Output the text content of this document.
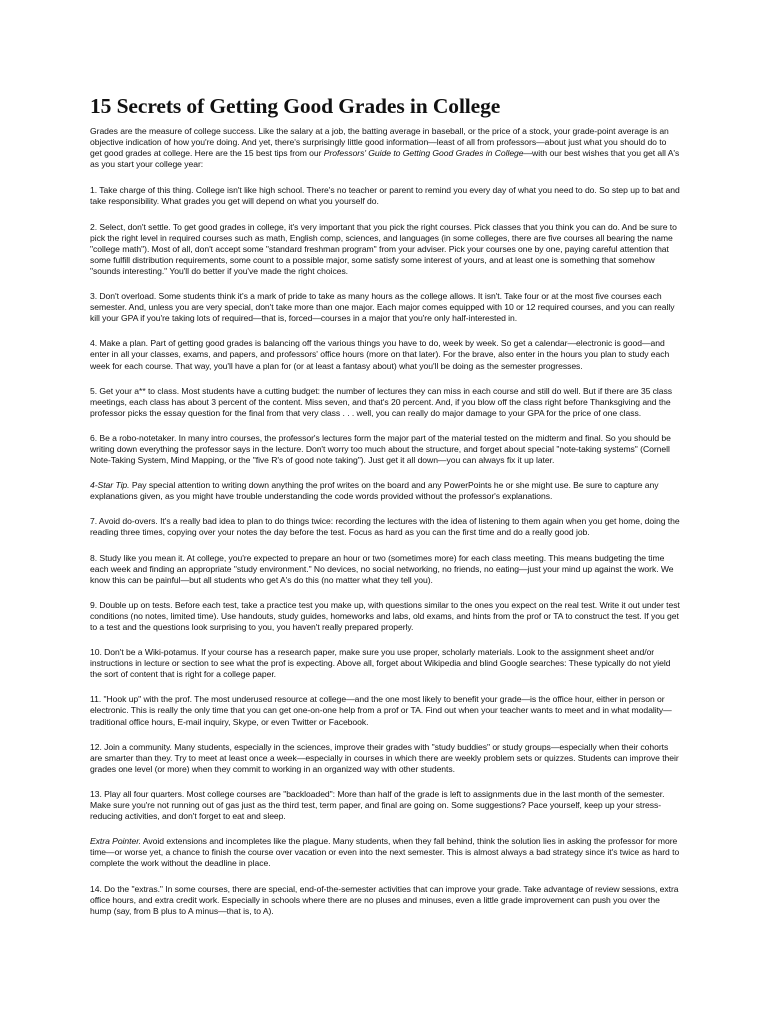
15 Secrets of Getting Good Grades in College

Grades are the measure of college success. Like the salary at a job, the batting average in baseball, or the price of a stock, your grade-point average is an objective indication of how you're doing. And yet, there's surprisingly little good information—least of all from professors—about just what you should do to get good grades at college. Here are the 15 best tips from our Professors' Guide to Getting Good Grades in College—with our best wishes that you get all A's as you start your college year:

1. Take charge of this thing. College isn't like high school. There's no teacher or parent to remind you every day of what you need to do. So step up to bat and take responsibility. What grades you get will depend on what you yourself do.

2. Select, don't settle. To get good grades in college, it's very important that you pick the right courses. Pick classes that you think you can do. And be sure to pick the right level in required courses such as math, English comp, sciences, and languages (in some colleges, there are five courses all bearing the name "college math"). Most of all, don't accept some "standard freshman program" from your adviser. Pick your courses one by one, paying careful attention that some fulfill distribution requirements, some count to a possible major, some satisfy some interest of yours, and at least one is something that somehow "sounds interesting." You'll do better if you've made the right choices.

3. Don't overload. Some students think it's a mark of pride to take as many hours as the college allows. It isn't. Take four or at the most five courses each semester. And, unless you are very special, don't take more than one major. Each major comes equipped with 10 or 12 required courses, and you can really kill your GPA if you're taking lots of required—that is, forced—courses in a major that you're only half-interested in.

4. Make a plan. Part of getting good grades is balancing off the various things you have to do, week by week. So get a calendar—electronic is good—and enter in all your classes, exams, and papers, and professors' office hours (more on that later). For the brave, also enter in the hours you plan to study each week for each course. That way, you'll have a plan for (or at least a fantasy about) what you'll be doing as the semester progresses.

5. Get your a** to class. Most students have a cutting budget: the number of lectures they can miss in each course and still do well. But if there are 35 class meetings, each class has about 3 percent of the content. Miss seven, and that's 20 percent. And, if you blow off the class right before Thanksgiving and the professor picks the essay question for the final from that very class . . . well, you can really do major damage to your GPA for the price of one class.

6. Be a robo-notetaker. In many intro courses, the professor's lectures form the major part of the material tested on the midterm and final. So you should be writing down everything the professor says in the lecture. Don't worry too much about the structure, and forget about special "note-taking systems" (Cornell Note-Taking System, Mind Mapping, or the "five R's of good note taking"). Just get it all down—you can always fix it up later.

4-Star Tip. Pay special attention to writing down anything the prof writes on the board and any PowerPoints he or she might use. Be sure to capture any explanations given, as you might have trouble understanding the code words provided without the professor's explanations.

7. Avoid do-overs. It's a really bad idea to plan to do things twice: recording the lectures with the idea of listening to them again when you get home, doing the reading three times, copying over your notes the day before the test. Focus as hard as you can the first time and do a really good job.

8. Study like you mean it. At college, you're expected to prepare an hour or two (sometimes more) for each class meeting. This means budgeting the time each week and finding an appropriate "study environment." No devices, no social networking, no friends, no eating—just your mind up against the work. We know this can be painful—but all students who get A's do this (no matter what they tell you).

9. Double up on tests. Before each test, take a practice test you make up, with questions similar to the ones you expect on the real test. Write it out under test conditions (no notes, limited time). Use handouts, study guides, homeworks and labs, old exams, and hints from the prof or TA to construct the test. If you get to a test and the questions look surprising to you, you haven't really prepared properly.

10. Don't be a Wiki-potamus. If your course has a research paper, make sure you use proper, scholarly materials. Look to the assignment sheet and/or instructions in lecture or section to see what the prof is expecting. Above all, forget about Wikipedia and blind Google searches: These typically do not yield the sort of content that is right for a college paper.

11. "Hook up" with the prof. The most underused resource at college—and the one most likely to benefit your grade—is the office hour, either in person or electronic. This is really the only time that you can get one-on-one help from a prof or TA. Find out when your teacher wants to meet and in what modality—traditional office hours, E-mail inquiry, Skype, or even Twitter or Facebook.

12. Join a community. Many students, especially in the sciences, improve their grades with "study buddies" or study groups—especially when their cohorts are smarter than they. Try to meet at least once a week—especially in courses in which there are weekly problem sets or quizzes. Students can improve their grades one level (or more) when they commit to working in an organized way with other students.

13. Play all four quarters. Most college courses are "backloaded": More than half of the grade is left to assignments due in the last month of the semester. Make sure you're not running out of gas just as the third test, term paper, and final are going on. Some suggestions? Pace yourself, keep up your stress-reducing activities, and don't forget to eat and sleep.

Extra Pointer. Avoid extensions and incompletes like the plague. Many students, when they fall behind, think the solution lies in asking the professor for more time—or worse yet, a chance to finish the course over vacation or even into the next semester. This is almost always a bad strategy since it's twice as hard to complete the work without the deadline in place.

14. Do the "extras." In some courses, there are special, end-of-the-semester activities that can improve your grade. Take advantage of review sessions, extra office hours, and extra credit work. Especially in schools where there are no pluses and minuses, even a little grade improvement can push you over the hump (say, from B plus to A minus—that is, to A).
